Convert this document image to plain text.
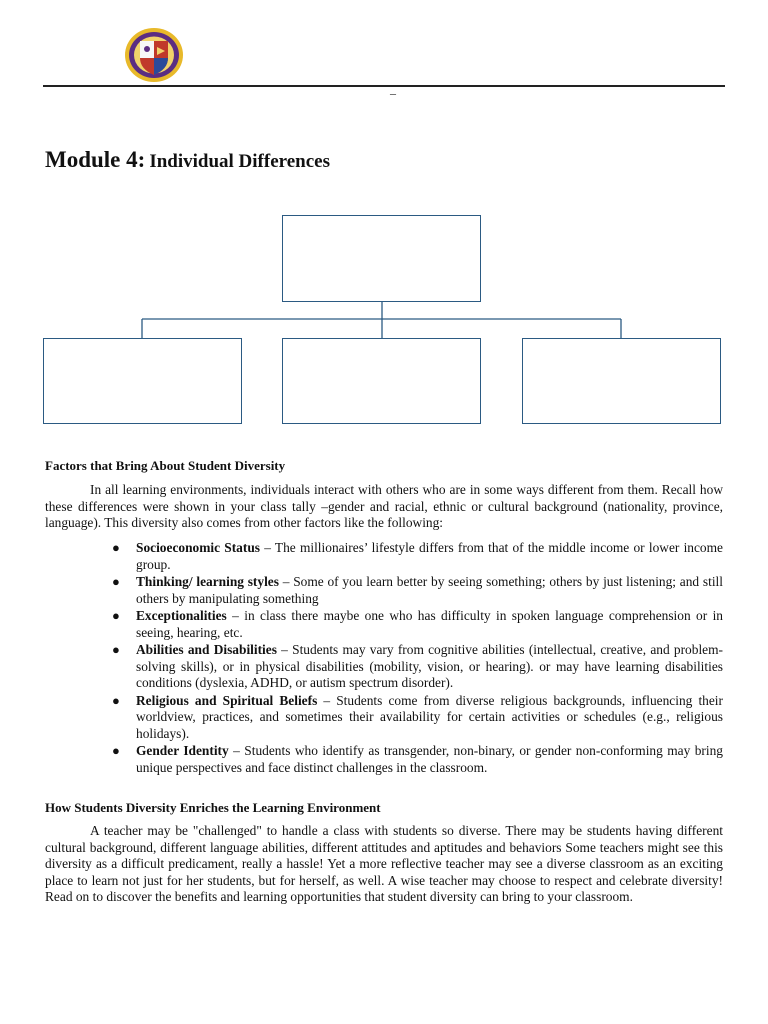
–
Module 4: Individual Differences
Factors that Bring About Student Diversity
In all learning environments, individuals interact with others who are in some ways different from them. Recall how these differences were shown in your class tally –gender and racial, ethnic or cultural background (nationality, province, language). This diversity also comes from other factors like the following:
● Socioeconomic Status – The millionaires’ lifestyle differs from that of the middle income or lower income group.
● Thinking/ learning styles – Some of you learn better by seeing something; others by just listening; and still others by manipulating something
● Exceptionalities – in class there maybe one who has difficulty in spoken language comprehension or in seeing, hearing, etc.
● Abilities and Disabilities – Students may vary from cognitive abilities (intellectual, creative, and problem-solving skills), or in physical disabilities (mobility, vision, or hearing). or may have learning disabilities conditions (dyslexia, ADHD, or autism spectrum disorder).
● Religious and Spiritual Beliefs – Students come from diverse religious backgrounds, influencing their worldview, practices, and sometimes their availability for certain activities or schedules (e.g., religious holidays).
● Gender Identity – Students who identify as transgender, non-binary, or gender non-conforming may bring unique perspectives and face distinct challenges in the classroom.
How Students Diversity Enriches the Learning Environment
A teacher may be "challenged" to handle a class with students so diverse. There may be students having different cultural background, different language abilities, different attitudes and aptitudes and behaviors Some teachers might see this diversity as a difficult predicament, really a hassle! Yet a more reflective teacher may see a diverse classroom as an exciting place to learn not just for her students, but for herself, as well. A wise teacher may choose to respect and celebrate diversity! Read on to discover the benefits and learning opportunities that student diversity can bring to your classroom.
